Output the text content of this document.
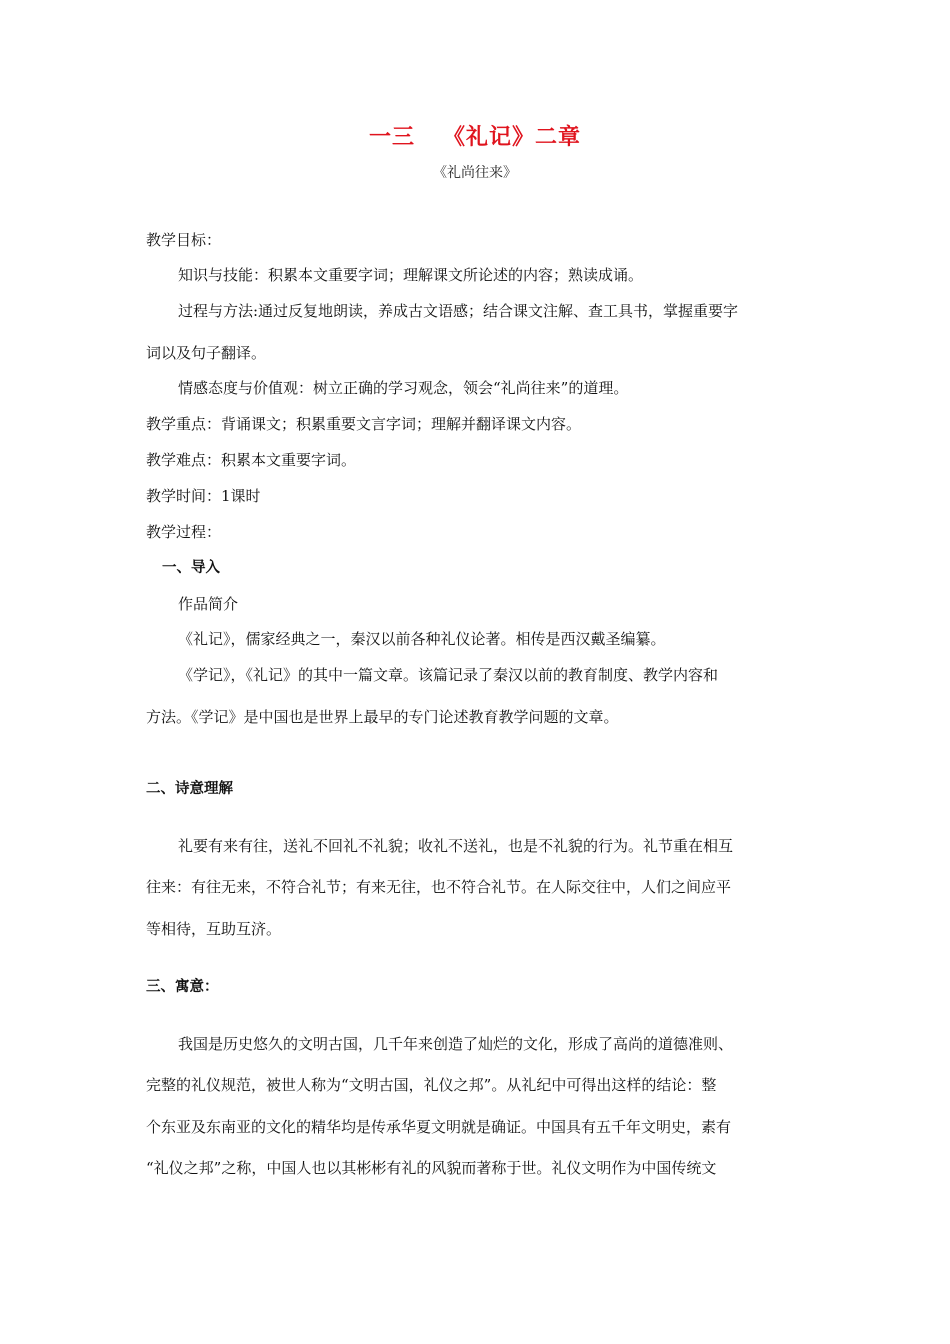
一三 《礼记》二章
《礼尚往来》
教学目标：
知识与技能：积累本文重要字词；理解课文所论述的内容；熟读成诵。
过程与方法:通过反复地朗读，养成古文语感；结合课文注解、查工具书，掌握重要字
词以及句子翻译。
情感态度与价值观：树立正确的学习观念，领会“礼尚往来”的道理。
教学重点：背诵课文；积累重要文言字词；理解并翻译课文内容。
教学难点：积累本文重要字词。
教学时间：1课时
教学过程：
一、导入
作品简介
《礼记》，儒家经典之一，秦汉以前各种礼仪论著。相传是西汉戴圣编纂。
《学记》，《礼记》的其中一篇文章。该篇记录了秦汉以前的教育制度、教学内容和
方法。《学记》是中国也是世界上最早的专门论述教育教学问题的文章。
二、诗意理解
礼要有来有往，送礼不回礼不礼貌；收礼不送礼，也是不礼貌的行为。礼节重在相互
往来：有往无来，不符合礼节；有来无往，也不符合礼节。在人际交往中，人们之间应平
等相待，互助互济。
三、寓意：
我国是历史悠久的文明古国，几千年来创造了灿烂的文化，形成了高尚的道德准则、
完整的礼仪规范，被世人称为“文明古国，礼仪之邦”。从礼纪中可得出这样的结论：整
个东亚及东南亚的文化的精华均是传承华夏文明就是确证。中国具有五千年文明史，素有
“礼仪之邦”之称，中国人也以其彬彬有礼的风貌而著称于世。礼仪文明作为中国传统文
